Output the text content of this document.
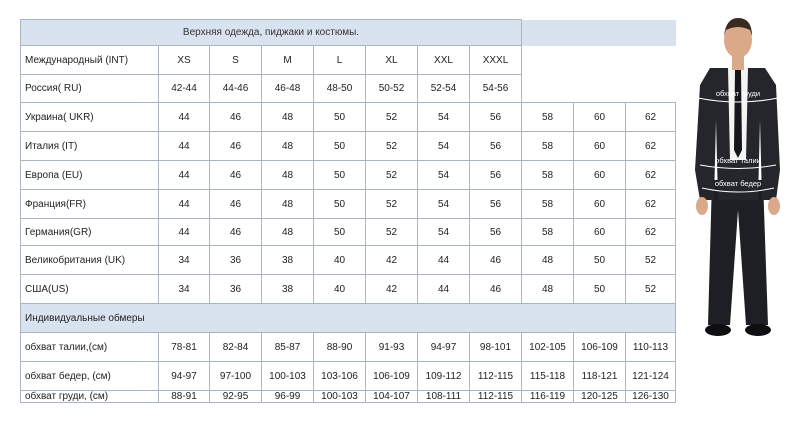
Верхняя одежда, пиджаки и костюмы.										
Международный (INT)	XS	S	M	L	XL	XXL	XXXL			
Россия( RU)	42-44	44-46	46-48	48-50	50-52	52-54	54-56			
Украина( UKR)	44	46	48	50	52	54	56	58	60	62
Италия (IT)	44	46	48	50	52	54	56	58	60	62
Европа (EU)	44	46	48	50	52	54	56	58	60	62
Франция(FR)	44	46	48	50	52	54	56	58	60	62
Германия(GR)	44	46	48	50	52	54	56	58	60	62
Великобритания (UK)	34	36	38	40	42	44	46	48	50	52
США(US)	34	36	38	40	42	44	46	48	50	52
Индивидуальные обмеры										
обхват талии,(см)	78-81	82-84	85-87	88-90	91-93	94-97	98-101	102-105	106-109	110-113
обхват бедер, (см)	94-97	97-100	100-103	103-106	106-109	109-112	112-115	115-118	118-121	121-124
обхват груди, (см)	88-91	92-95	96-99	100-103	104-107	108-111	112-115	116-119	120-125	126-130
обхват груди
обхват талии
обхват бедер
